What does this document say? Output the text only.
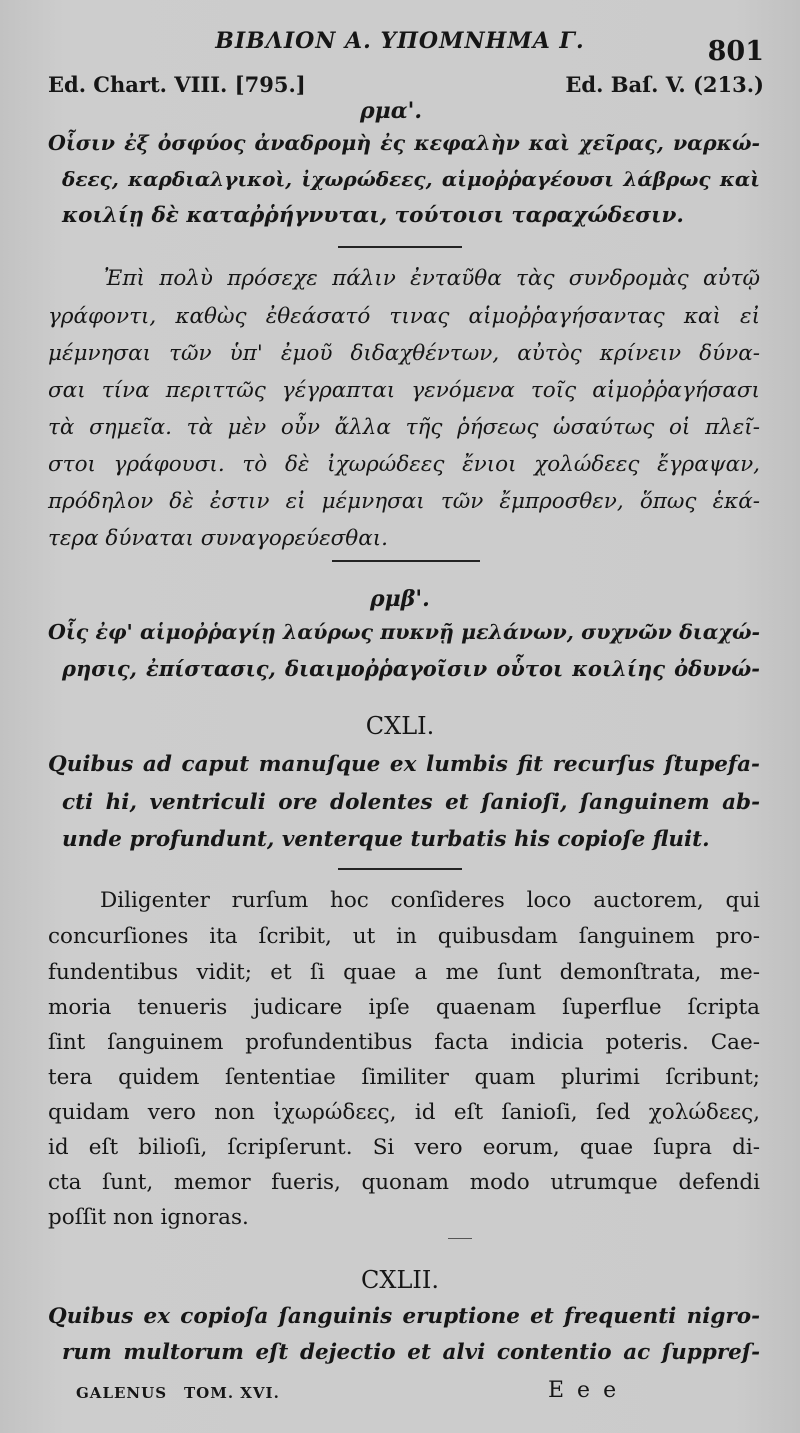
ΒΙΒΛΙΟΝ Α. ΥΠΟΜΝΗΜΑ Γ.	801
Ed. Chart. VIII. [795.]	Ed. Baſ. V. (213.)
ρμα'.
Οἷσιν ἐξ ὀσφύος ἀναδρομὴ ἐς κεφαλὴν καὶ χεῖρας, ναρκώ-
δεες, καρδιαλγικοὶ, ἰχωρώδεες, αἱμοῤῥαγέουσι λάβρως καὶ
κοιλίῃ δὲ καταῤῥήγνυται, τούτοισι ταραχώδεσιν.
Ἐπὶ πολὺ πρόσεχε πάλιν ἐνταῦθα τὰς συνδρομὰς αὐτῷ
γράφοντι, καθὼς ἐθεάσατό τινας αἱμοῤῥαγήσαντας καὶ εἰ
μέμνησαι τῶν ὑπ' ἐμοῦ διδαχθέντων, αὐτὸς κρίνειν δύνα-
σαι τίνα περιττῶς γέγραπται γενόμενα τοῖς αἱμοῤῥαγήσασι
τὰ σημεῖα. τὰ μὲν οὖν ἄλλα τῆς ῥήσεως ὡσαύτως οἱ πλεῖ-
στοι γράφουσι. τὸ δὲ ἰχωρώδεες ἔνιοι χολώδεες ἔγραψαν,
πρόδηλον δὲ ἐστιν εἰ μέμνησαι τῶν ἔμπροσθεν, ὅπως ἑκά-
τερα δύναται συναγορεύεσθαι.
ρμβ'.
Οἷς ἐφ' αἱμοῤῥαγίῃ λαύρως πυκνῇ μελάνων, συχνῶν διαχώ-
ρησις, ἐπίστασις, διαιμοῤῥαγοῖσιν οὗτοι κοιλίης ὀδυνώ-
CXLI.
Quibus ad caput manuſque ex lumbis fit recurſus ſtupefa-
cti hi, ventriculi ore dolentes et ſanioſi, ſanguinem ab-
unde profundunt, venterque turbatis his copioſe fluit.
Diligenter rurſum hoc conſideres loco auctorem, qui
concurſiones ita ſcribit, ut in quibusdam ſanguinem pro-
fundentibus vidit; et ſi quae a me ſunt demonſtrata, me-
moria tenueris judicare ipſe quaenam ſuperflue ſcripta
ſint ſanguinem profundentibus facta indicia poteris. Cae-
tera quidem ſententiae ſimiliter quam plurimi ſcribunt;
quidam vero non ἰχωρώδεες, id eſt ſanioſi, ſed χολώδεες,
id eſt bilioſi, ſcripſerunt. Si vero eorum, quae ſupra di-
cta ſunt, memor fueris, quonam modo utrumque defendi
poſſit non ignoras.
CXLII.
Quibus ex copioſa ſanguinis eruptione et frequenti nigro-
rum multorum eſt dejectio et alvi contentio ac ſuppreſ-
GALENUS TOM. XVI.	E e e
